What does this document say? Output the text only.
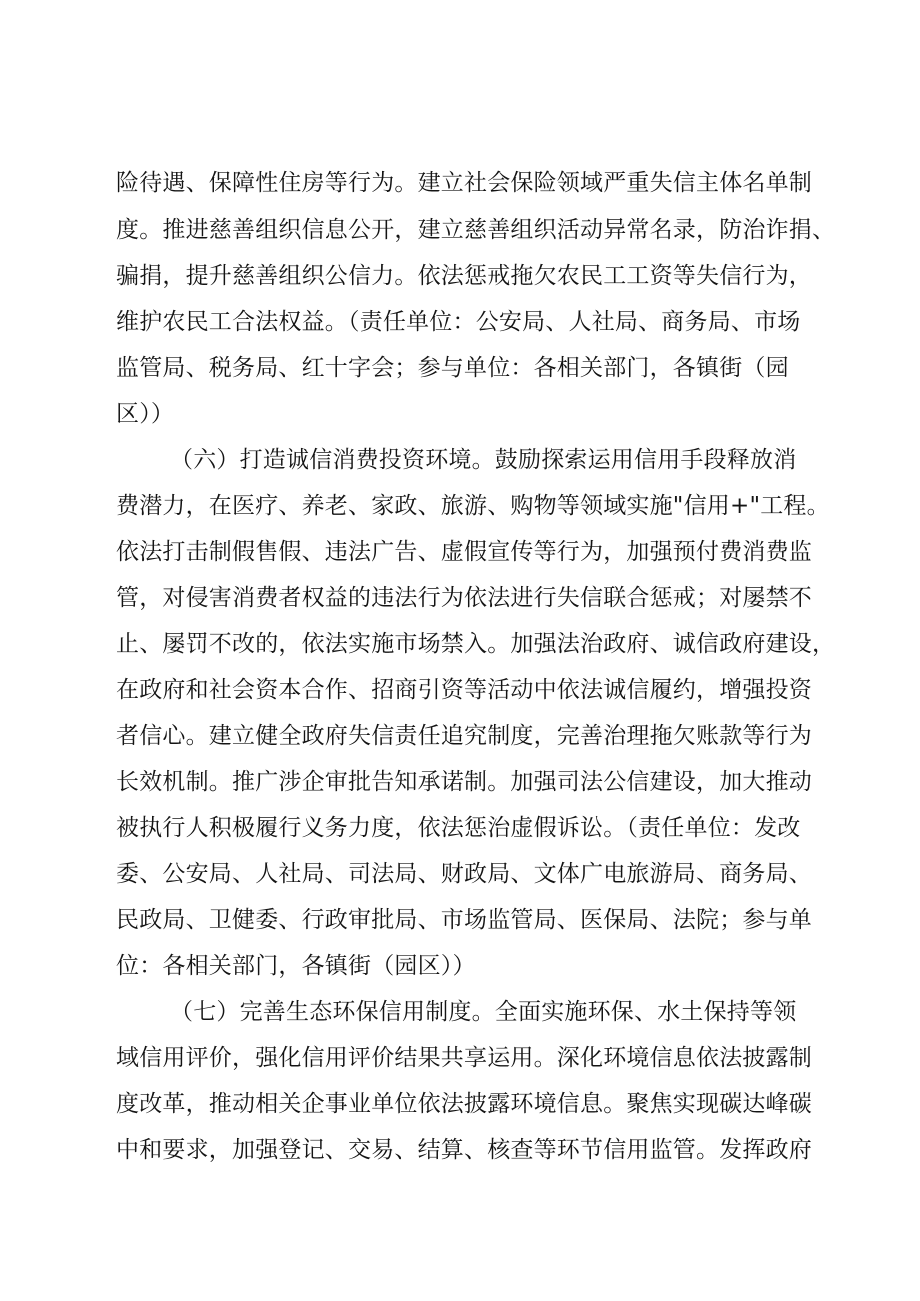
险待遇、保障性住房等行为。建立社会保险领域严重失信主体名单制
度。推进慈善组织信息公开，建立慈善组织活动异常名录，防治诈捐、
骗捐，提升慈善组织公信力。依法惩戒拖欠农民工工资等失信行为，
维护农民工合法权益。（责任单位：公安局、人社局、商务局、市场
监管局、税务局、红十字会；参与单位：各相关部门，各镇街（园
区））
（六）打造诚信消费投资环境。鼓励探索运用信用手段释放消
费潜力，在医疗、养老、家政、旅游、购物等领域实施"信用+"工程。
依法打击制假售假、违法广告、虚假宣传等行为，加强预付费消费监
管，对侵害消费者权益的违法行为依法进行失信联合惩戒；对屡禁不
止、屡罚不改的，依法实施市场禁入。加强法治政府、诚信政府建设，
在政府和社会资本合作、招商引资等活动中依法诚信履约，增强投资
者信心。建立健全政府失信责任追究制度，完善治理拖欠账款等行为
长效机制。推广涉企审批告知承诺制。加强司法公信建设，加大推动
被执行人积极履行义务力度，依法惩治虚假诉讼。（责任单位：发改
委、公安局、人社局、司法局、财政局、文体广电旅游局、商务局、
民政局、卫健委、行政审批局、市场监管局、医保局、法院；参与单
位：各相关部门，各镇街（园区））
（七）完善生态环保信用制度。全面实施环保、水土保持等领
域信用评价，强化信用评价结果共享运用。深化环境信息依法披露制
度改革，推动相关企事业单位依法披露环境信息。聚焦实现碳达峰碳
中和要求，加强登记、交易、结算、核查等环节信用监管。发挥政府
